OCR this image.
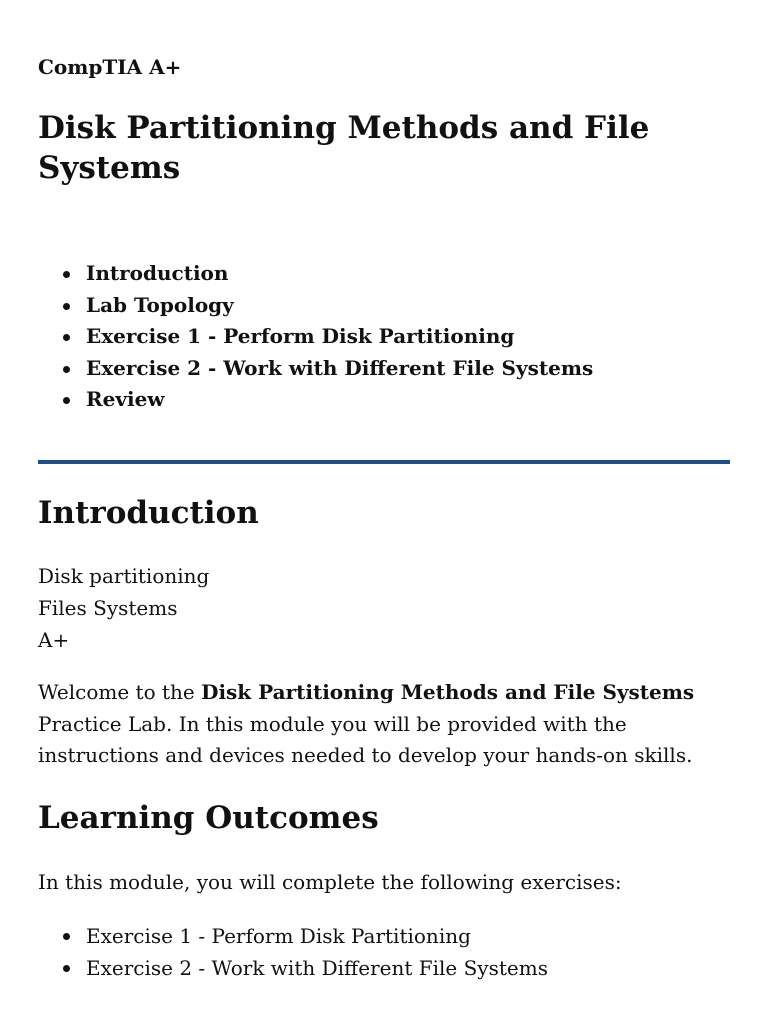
CompTIA A+

Disk Partitioning Methods and File Systems
Introduction
Lab Topology
Exercise 1 - Perform Disk Partitioning
Exercise 2 - Work with Different File Systems
Review
Introduction
Disk partitioning
Files Systems
A+

Welcome to the Disk Partitioning Methods and File Systems Practice Lab. In this module you will be provided with the instructions and devices needed to develop your hands-on skills.

Learning Outcomes

In this module, you will complete the following exercises:

Exercise 1 - Perform Disk Partitioning
Exercise 2 - Work with Different File Systems
